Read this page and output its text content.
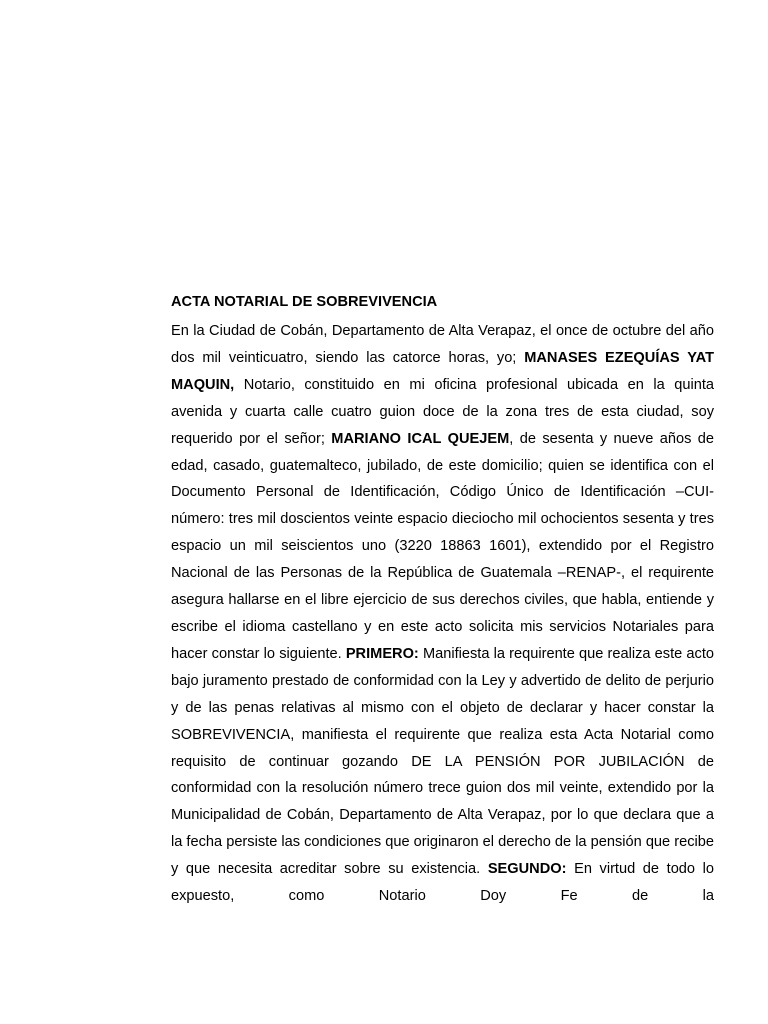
ACTA NOTARIAL DE SOBREVIVENCIA

En la Ciudad de Cobán, Departamento de Alta Verapaz, el once de octubre del año dos mil veinticuatro, siendo las catorce horas, yo; MANASES EZEQUÍAS YAT MAQUIN, Notario, constituido en mi oficina profesional ubicada en la quinta avenida y cuarta calle cuatro guion doce de la zona tres de esta ciudad, soy requerido por el señor; MARIANO ICAL QUEJEM, de sesenta y nueve años de edad, casado, guatemalteco, jubilado, de este domicilio; quien se identifica con el Documento Personal de Identificación, Código Único de Identificación –CUI- número: tres mil doscientos veinte espacio dieciocho mil ochocientos sesenta y tres espacio un mil seiscientos uno (3220 18863 1601), extendido por el Registro Nacional de las Personas de la República de Guatemala –RENAP-, el requirente asegura hallarse en el libre ejercicio de sus derechos civiles, que habla, entiende y escribe el idioma castellano y en este acto solicita mis servicios Notariales para hacer constar lo siguiente. PRIMERO: Manifiesta la requirente que realiza este acto bajo juramento prestado de conformidad con la Ley y advertido de delito de perjurio y de las penas relativas al mismo con el objeto de declarar y hacer constar la SOBREVIVENCIA, manifiesta el requirente que realiza esta Acta Notarial como requisito de continuar gozando DE LA PENSIÓN POR JUBILACIÓN de conformidad con la resolución número trece guion dos mil veinte, extendido por la Municipalidad de Cobán, Departamento de Alta Verapaz, por lo que declara que a la fecha persiste las condiciones que originaron el derecho de la pensión que recibe y que necesita acreditar sobre su existencia. SEGUNDO: En virtud de todo lo expuesto, como Notario Doy Fe de la
